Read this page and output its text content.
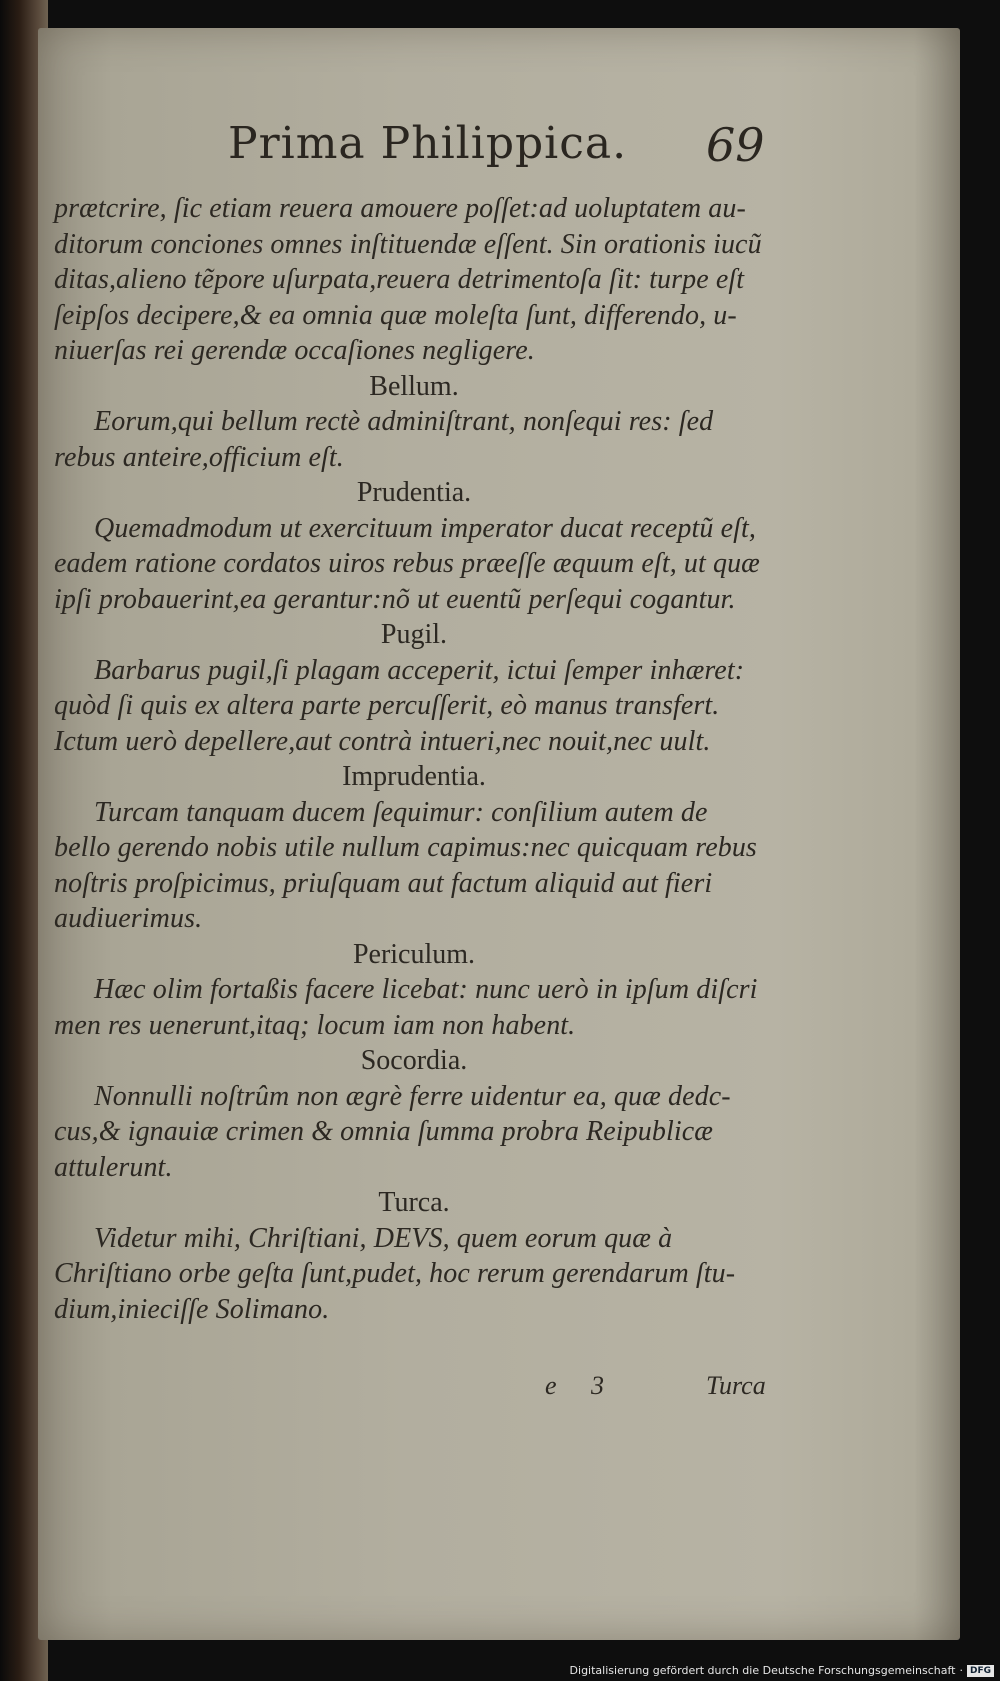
Prima Philippica. 69
prætcrire, ſic etiam reuera amouere poſſet:ad uoluptatem au-
ditorum conciones omnes inſtituendæ eſſent. Sin orationis iucũ
ditas,alieno tẽpore uſurpata,reuera detrimentoſa ſit: turpe eſt
ſeipſos decipere,& ea omnia quæ moleſta ſunt, differendo, u-
niuerſas rei gerendæ occaſiones negligere.
Bellum.
Eorum,qui bellum rectè adminiſtrant, nonſequi res: ſed
rebus anteire,officium eſt.
Prudentia.
Quemadmodum ut exercituum imperator ducat receptũ eſt,
eadem ratione cordatos uiros rebus præeſſe æquum eſt, ut quæ
ipſi probauerint,ea gerantur:nõ ut euentũ perſequi cogantur.
Pugil.
Barbarus pugil,ſi plagam acceperit, ictui ſemper inhæret:
quòd ſi quis ex altera parte percuſſerit, eò manus transfert.
Ictum uerò depellere,aut contrà intueri,nec nouit,nec uult.
Imprudentia.
Turcam tanquam ducem ſequimur: conſilium autem de
bello gerendo nobis utile nullum capimus:nec quicquam rebus
noſtris proſpicimus, priuſquam aut factum aliquid aut fieri
audiuerimus.
Periculum.
Hæc olim fortaßis facere licebat: nunc uerò in ipſum diſcri
men res uenerunt,itaq; locum iam non habent.
Socordia.
Nonnulli noſtrûm non ægrè ferre uidentur ea, quæ dedc-
cus,& ignauiæ crimen & omnia ſumma probra Reipublicæ
attulerunt.
Turca.
Videtur mihi, Chriſtiani, DEVS, quem eorum quæ à
Chriſtiano orbe geſta ſunt,pudet, hoc rerum gerendarum ſtu-
dium,inieciſſe Solimano.
e 3	Turca
Digitalisierung gefördert durch die Deutsche Forschungsgemeinschaft · DFG
